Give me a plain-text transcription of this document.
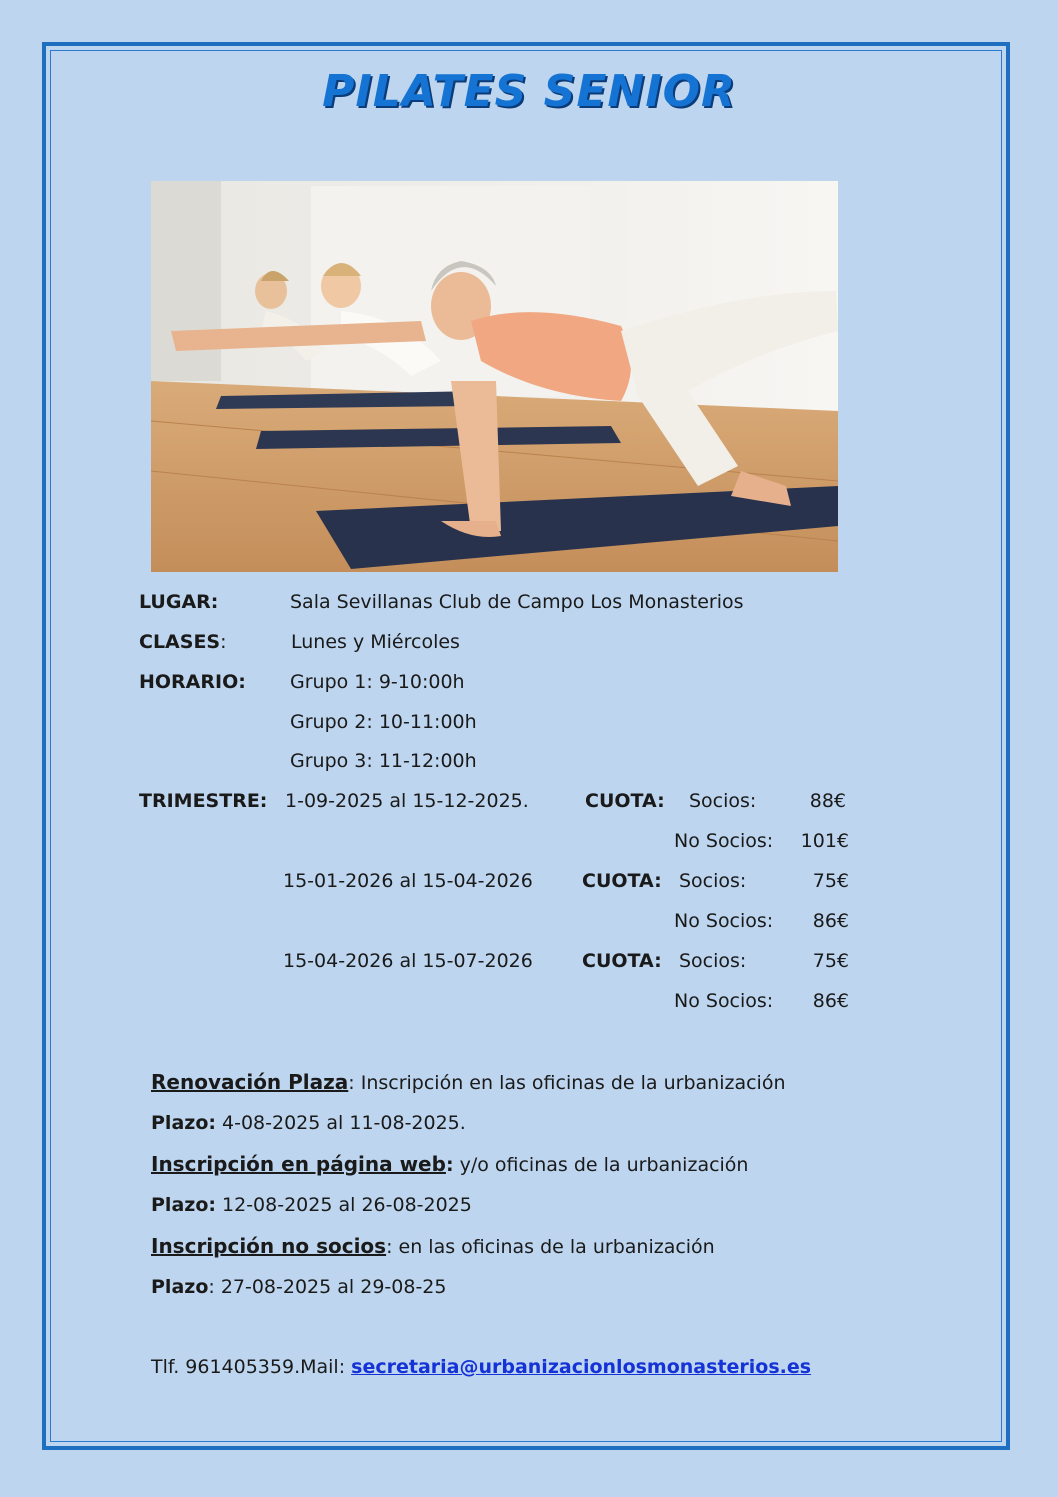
PILATES SENIOR
LUGAR:	Sala Sevillanas Club de Campo Los Monasterios
CLASES:	Lunes y Miércoles
HORARIO: Grupo 1: 9-10:00h
Grupo 2: 10-11:00h
Grupo 3: 11-12:00h
TRIMESTRE: 1-09-2025 al 15-12-2025.	CUOTA: Socios:	88€
No Socios:	101€
15-01-2026 al 15-04-2026	CUOTA: Socios:	75€
No Socios:	86€
15-04-2026 al 15-07-2026	CUOTA: Socios:	75€
No Socios:	86€
Renovación Plaza: Inscripción en las oficinas de la urbanización
Plazo: 4-08-2025 al 11-08-2025.
Inscripción en página web: y/o oficinas de la urbanización
Plazo: 12-08-2025 al 26-08-2025
Inscripción no socios: en las oficinas de la urbanización
Plazo: 27-08-2025 al 29-08-25
Tlf. 961405359.Mail: secretaria@urbanizacionlosmonasterios.es
